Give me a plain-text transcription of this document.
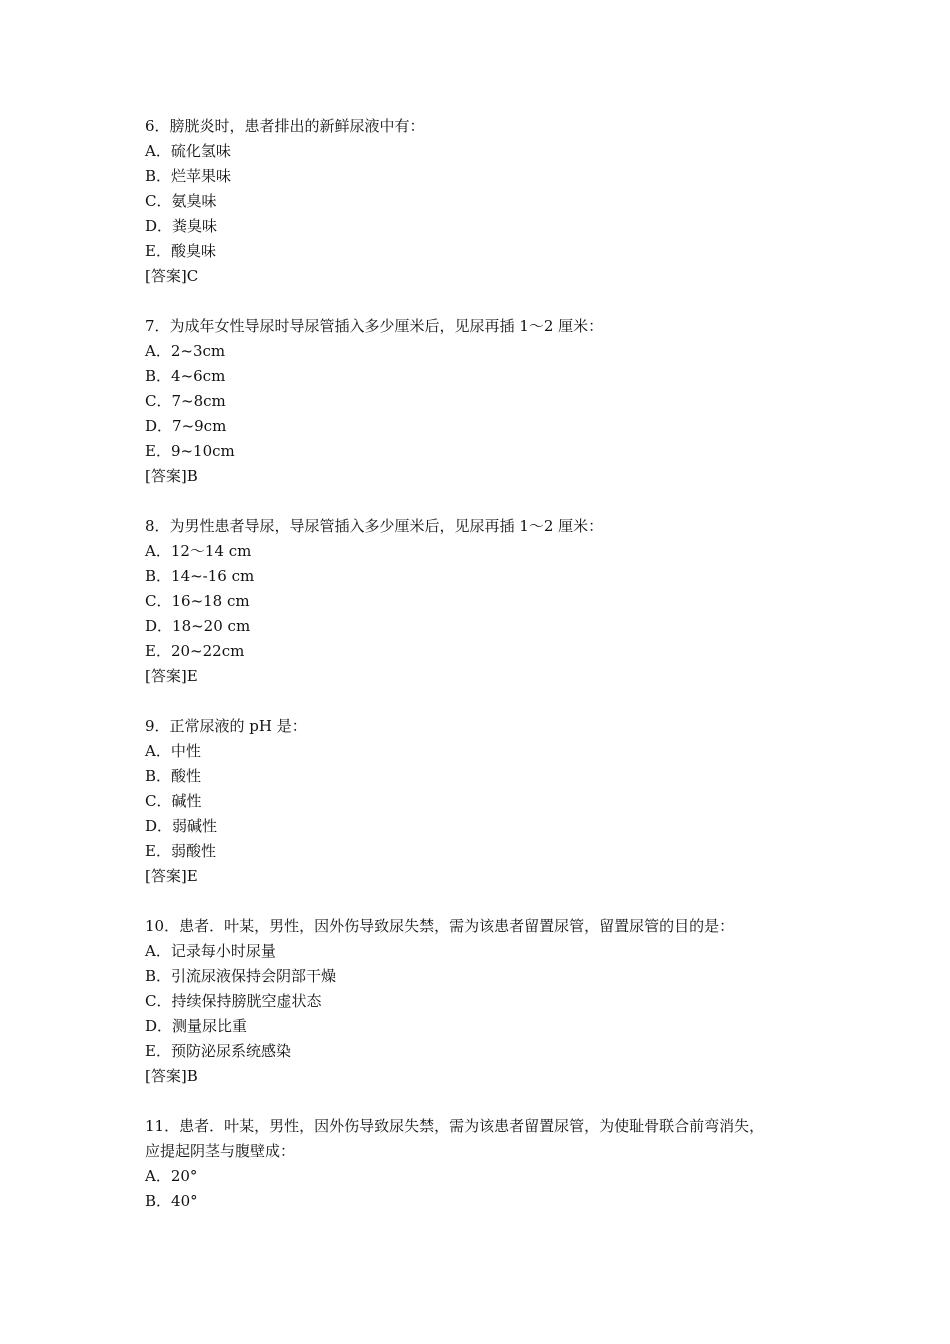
6．膀胱炎时，患者排出的新鲜尿液中有：
A．硫化氢味
B．烂苹果味
C．氨臭味
D．粪臭味
E．酸臭味
[答案]C
7．为成年女性导尿时导尿管插入多少厘米后，见尿再插 1～2 厘米：
A．2~3cm
B．4~6cm
C．7~8cm
D．7~9cm
E．9~10cm
[答案]B
8．为男性患者导尿，导尿管插入多少厘米后，见尿再插 1～2 厘米：
A．12～14 cm
B．14~-16 cm
C．16~18 cm
D．18~20 cm
E．20~22cm
[答案]E
9．正常尿液的 pH 是：
A．中性
B．酸性
C．碱性
D．弱碱性
E．弱酸性
[答案]E
10．患者．叶某，男性，因外伤导致尿失禁，需为该患者留置尿管，留置尿管的目的是：
A．记录每小时尿量
B．引流尿液保持会阴部干燥
C．持续保持膀胱空虚状态
D．测量尿比重
E．预防泌尿系统感染
[答案]B
11．患者．叶某，男性，因外伤导致尿失禁，需为该患者留置尿管，为使耻骨联合前弯消失，
应提起阴茎与腹壁成：
A．20°
B．40°
